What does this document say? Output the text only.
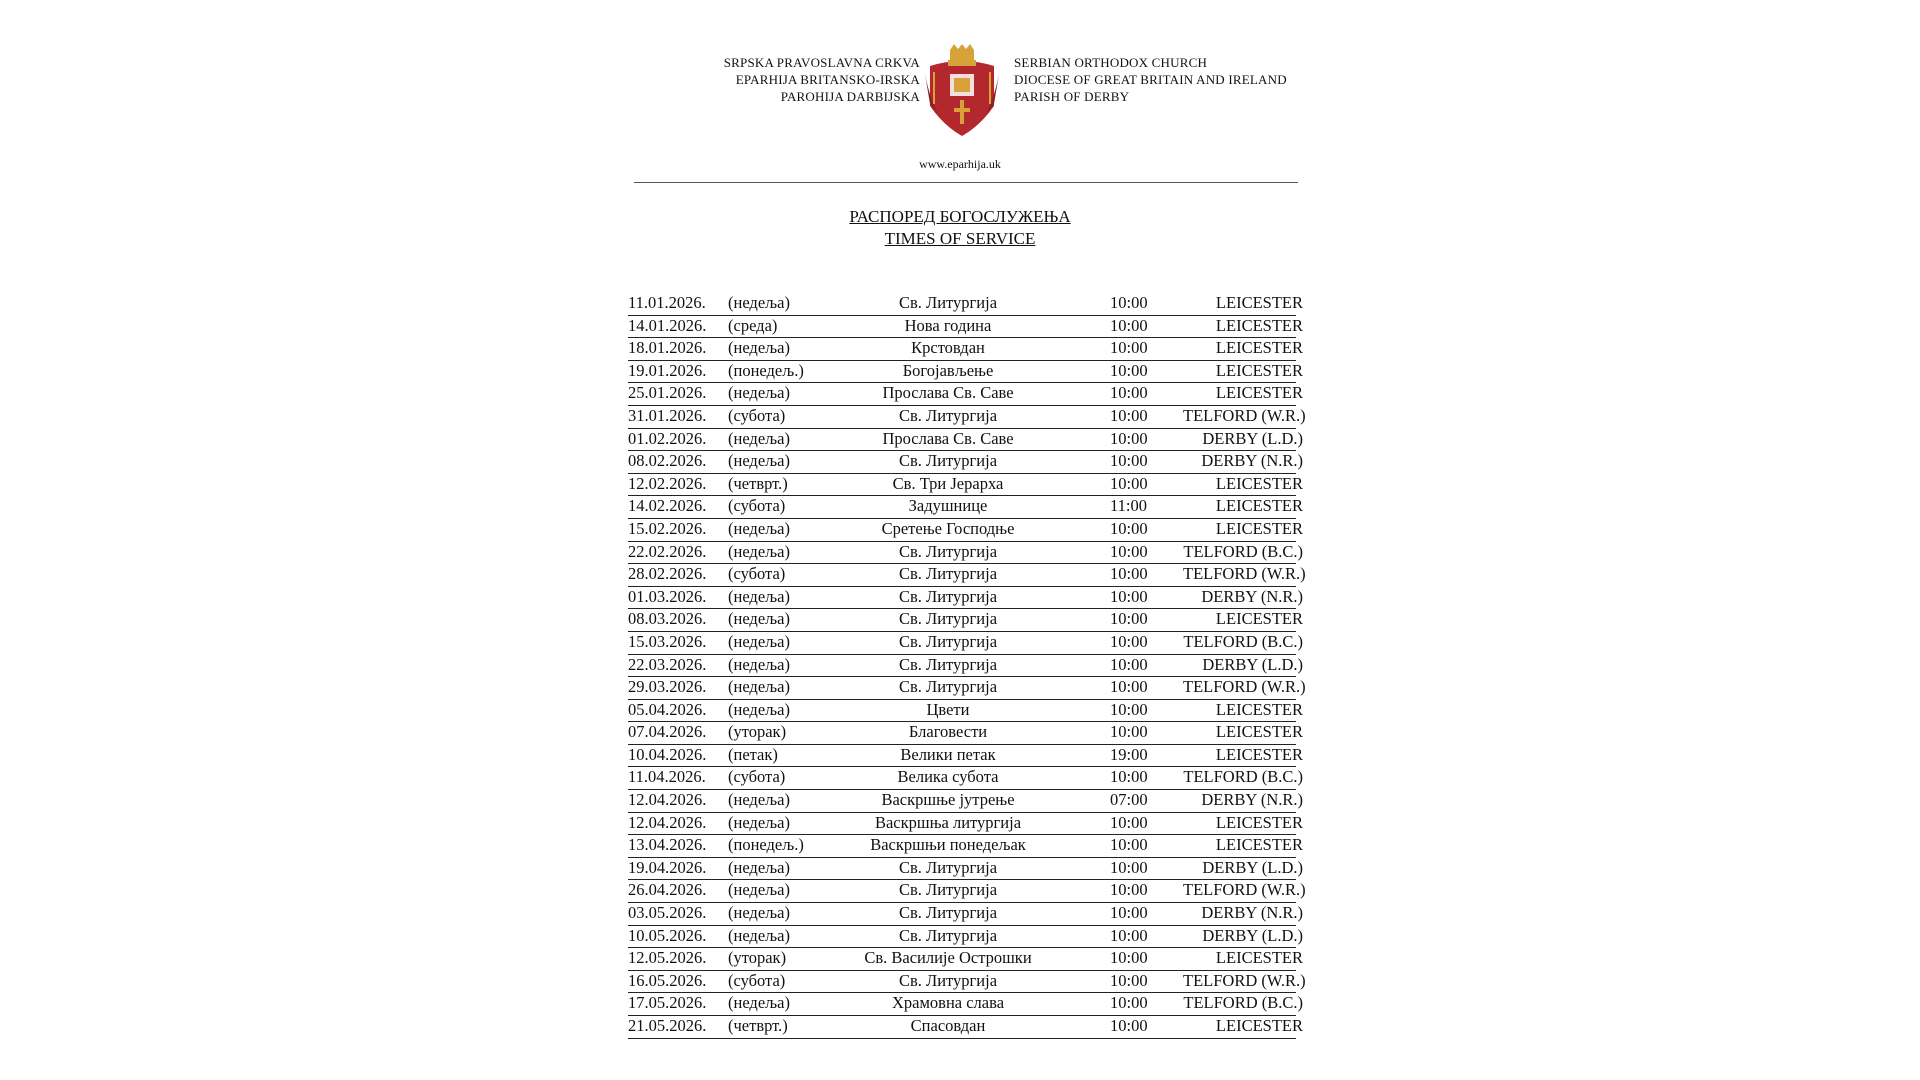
SRPSKA PRAVOSLAVNA CRKVA
EPARHIJA BRITANSKO-IRSKA
PAROHIJA DARBIJSKA
SERBIAN ORTHODOX CHURCH
DIOCESE OF GREAT BRITAIN AND IRELAND
PARISH OF DERBY
www.eparhija.uk
РАСПОРЕД БОГОСЛУЖЕЊА
TIMES OF SERVICE
11.01.2026.	(недеља)	Св. Литургија	10:00	LEICESTER
14.01.2026.	(среда)	Нова година	10:00	LEICESTER
18.01.2026.	(недеља)	Крстовдан	10:00	LEICESTER
19.01.2026.	(понедељ.)	Богојављење	10:00	LEICESTER
25.01.2026.	(недеља)	Прослава Св. Саве	10:00	LEICESTER
31.01.2026.	(субота)	Св. Литургија	10:00	TELFORD (W.R.)
01.02.2026.	(недеља)	Прослава Св. Саве	10:00	DERBY (L.D.)
08.02.2026.	(недеља)	Св. Литургија	10:00	DERBY (N.R.)
12.02.2026.	(четврт.)	Св. Три Јерарха	10:00	LEICESTER
14.02.2026.	(субота)	Задушнице	11:00	LEICESTER
15.02.2026.	(недеља)	Сретење Господње	10:00	LEICESTER
22.02.2026.	(недеља)	Св. Литургија	10:00	TELFORD (B.C.)
28.02.2026.	(субота)	Св. Литургија	10:00	TELFORD (W.R.)
01.03.2026.	(недеља)	Св. Литургија	10:00	DERBY (N.R.)
08.03.2026.	(недеља)	Св. Литургија	10:00	LEICESTER
15.03.2026.	(недеља)	Св. Литургија	10:00	TELFORD (B.C.)
22.03.2026.	(недеља)	Св. Литургија	10:00	DERBY (L.D.)
29.03.2026.	(недеља)	Св. Литургија	10:00	TELFORD (W.R.)
05.04.2026.	(недеља)	Цвети	10:00	LEICESTER
07.04.2026.	(уторак)	Благовести	10:00	LEICESTER
10.04.2026.	(петак)	Велики петак	19:00	LEICESTER
11.04.2026.	(субота)	Велика субота	10:00	TELFORD (B.C.)
12.04.2026.	(недеља)	Васкршње јутрење	07:00	DERBY (N.R.)
12.04.2026.	(недеља)	Васкршња литургија	10:00	LEICESTER
13.04.2026.	(понедељ.)	Васкршњи понедељак	10:00	LEICESTER
19.04.2026.	(недеља)	Св. Литургија	10:00	DERBY (L.D.)
26.04.2026.	(недеља)	Св. Литургија	10:00	TELFORD (W.R.)
03.05.2026.	(недеља)	Св. Литургија	10:00	DERBY (N.R.)
10.05.2026.	(недеља)	Св. Литургија	10:00	DERBY (L.D.)
12.05.2026.	(уторак)	Св. Василије Острошки	10:00	LEICESTER
16.05.2026.	(субота)	Св. Литургија	10:00	TELFORD (W.R.)
17.05.2026.	(недеља)	Храмовна слава	10:00	TELFORD (B.C.)
21.05.2026.	(четврт.)	Спасовдан	10:00	LEICESTER
